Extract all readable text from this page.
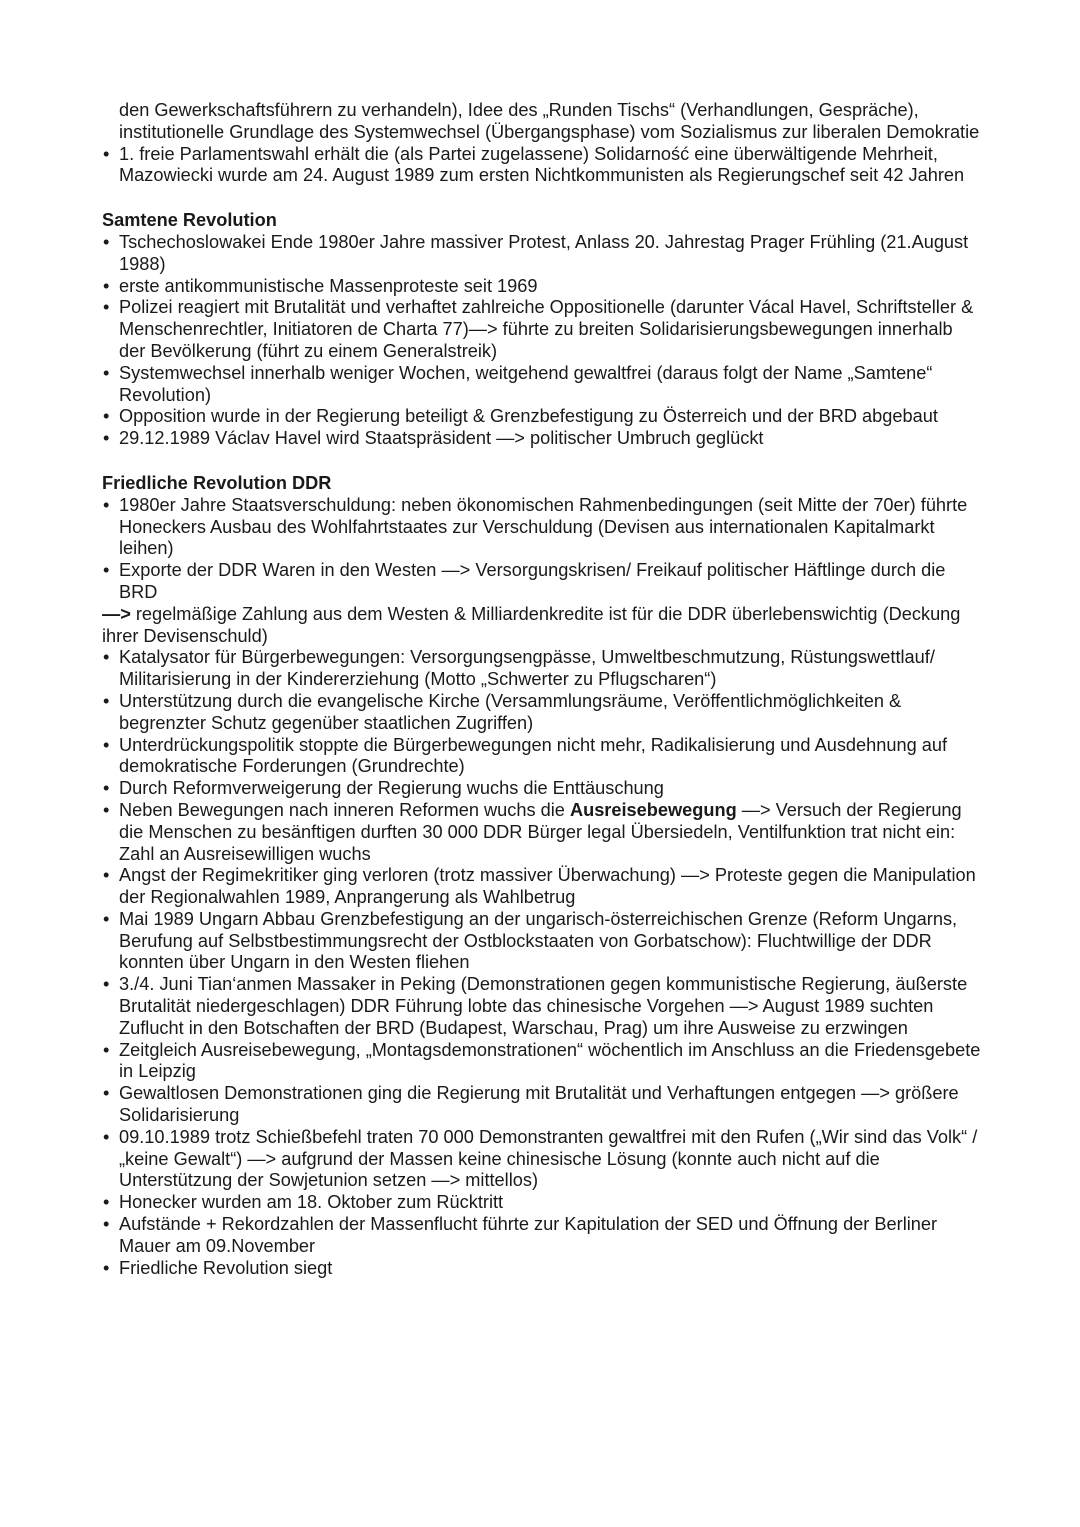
den Gewerkschaftsführern zu verhandeln), Idee des „Runden Tischs“ (Verhandlungen, Gespräche), institutionelle Grundlage des Systemwechsel (Übergangsphase) vom Sozialismus zur liberalen Demokratie

• 1. freie Parlamentswahl erhält die (als Partei zugelassene) Solidarność eine überwältigende Mehrheit, Mazowiecki wurde am 24. August 1989 zum ersten Nichtkommunisten als Regierungschef seit 42 Jahren

Samtene Revolution

• Tschechoslowakei Ende 1980er Jahre massiver Protest, Anlass 20. Jahrestag Prager Frühling (21.August 1988)
• erste antikommunistische Massenproteste seit 1969
• Polizei reagiert mit Brutalität und verhaftet zahlreiche Oppositionelle (darunter Vácal Havel, Schriftsteller & Menschenrechtler, Initiatoren de Charta 77)—> führte zu breiten Solidarisierungsbewegungen innerhalb der Bevölkerung (führt zu einem Generalstreik)
• Systemwechsel innerhalb weniger Wochen, weitgehend gewaltfrei (daraus folgt der Name „Samtene“ Revolution)
• Opposition wurde in der Regierung beteiligt & Grenzbefestigung zu Österreich und der BRD abgebaut
• 29.12.1989 Václav Havel wird Staatspräsident —> politischer Umbruch geglückt

Friedliche Revolution DDR

• 1980er Jahre Staatsverschuldung: neben ökonomischen Rahmenbedingungen (seit Mitte der 70er) führte Honeckers Ausbau des Wohlfahrtstaates zur Verschuldung (Devisen aus internationalen Kapitalmarkt leihen)
• Exporte der DDR Waren in den Westen —> Versorgungskrisen/ Freikauf politischer Häftlinge durch die BRD

—> regelmäßige Zahlung aus dem Westen & Milliardenkredite ist für die DDR überlebenswichtig (Deckung ihrer Devisenschuld)

• Katalysator für Bürgerbewegungen: Versorgungsengpässe, Umweltbeschmutzung, Rüstungswettlauf/ Militarisierung in der Kindererziehung (Motto „Schwerter zu Pflugscharen“)
• Unterstützung durch die evangelische Kirche (Versammlungsräume, Veröffentlichmöglichkeiten & begrenzter Schutz gegenüber staatlichen Zugriffen)
• Unterdrückungspolitik stoppte die Bürgerbewegungen nicht mehr, Radikalisierung und Ausdehnung auf demokratische Forderungen (Grundrechte)
• Durch Reformverweigerung der Regierung wuchs die Enttäuschung
• Neben Bewegungen nach inneren Reformen wuchs die Ausreisebewegung —> Versuch der Regierung die Menschen zu besänftigen durften 30 000 DDR Bürger legal Übersiedeln, Ventilfunktion trat nicht ein: Zahl an Ausreisewilligen wuchs
• Angst der Regimekritiker ging verloren (trotz massiver Überwachung) —> Proteste gegen die Manipulation der Regionalwahlen 1989, Anprangerung als Wahlbetrug
• Mai 1989 Ungarn Abbau Grenzbefestigung an der ungarisch-österreichischen Grenze (Reform Ungarns, Berufung auf Selbstbestimmungsrecht der Ostblockstaaten von Gorbatschow): Fluchtwillige der DDR konnten über Ungarn in den Westen fliehen
• 3./4. Juni Tian‘anmen Massaker in Peking (Demonstrationen gegen kommunistische Regierung, äußerste Brutalität niedergeschlagen) DDR Führung lobte das chinesische Vorgehen —> August 1989 suchten Zuflucht in den Botschaften der BRD (Budapest, Warschau, Prag) um ihre Ausweise zu erzwingen
• Zeitgleich Ausreisebewegung, „Montagsdemonstrationen“ wöchentlich im Anschluss an die Friedensgebete in Leipzig
• Gewaltlosen Demonstrationen ging die Regierung mit Brutalität und Verhaftungen entgegen —> größere Solidarisierung
• 09.10.1989 trotz Schießbefehl traten 70 000 Demonstranten gewaltfrei mit den Rufen („Wir sind das Volk“ / „keine Gewalt“) —> aufgrund der Massen keine chinesische Lösung (konnte auch nicht auf die Unterstützung der Sowjetunion setzen —> mittellos)
• Honecker wurden am 18. Oktober zum Rücktritt
• Aufstände + Rekordzahlen der Massenflucht führte zur Kapitulation der SED und Öffnung der Berliner Mauer am 09.November
• Friedliche Revolution siegt
